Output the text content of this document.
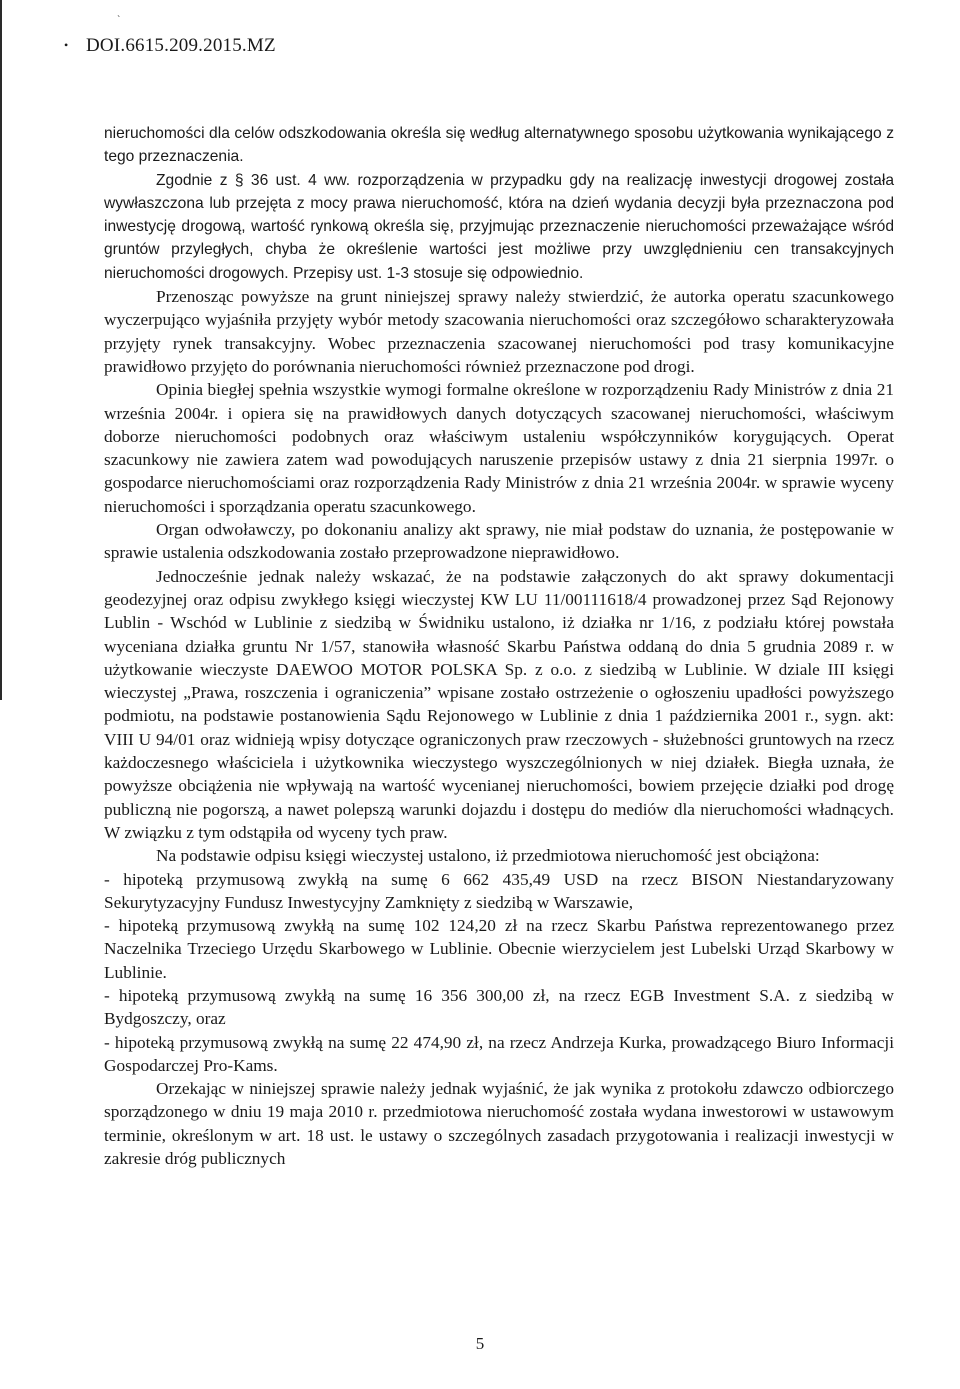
`
• DOI.6615.209.2015.MZ

nieruchomości dla celów odszkodowania określa się według alternatywnego sposobu użytkowania wynikającego z tego przeznaczenia.

Zgodnie z § 36 ust. 4 ww. rozporządzenia w przypadku gdy na realizację inwestycji drogowej została wywłaszczona lub przejęta z mocy prawa nieruchomość, która na dzień wydania decyzji była przeznaczona pod inwestycję drogową, wartość rynkową określa się, przyjmując przeznaczenie nieruchomości przeważające wśród gruntów przyległych, chyba że określenie wartości jest możliwe przy uwzględnieniu cen transakcyjnych nieruchomości drogowych. Przepisy ust. 1-3 stosuje się odpowiednio.

Przenosząc powyższe na grunt niniejszej sprawy należy stwierdzić, że autorka operatu szacunkowego wyczerpująco wyjaśniła przyjęty wybór metody szacowania nieruchomości oraz szczegółowo scharakteryzowała przyjęty rynek transakcyjny. Wobec przeznaczenia szacowanej nieruchomości pod trasy komunikacyjne prawidłowo przyjęto do porównania nieruchomości również przeznaczone pod drogi.

Opinia biegłej spełnia wszystkie wymogi formalne określone w rozporządzeniu Rady Ministrów z dnia 21 września 2004r. i opiera się na prawidłowych danych dotyczących szacowanej nieruchomości, właściwym doborze nieruchomości podobnych oraz właściwym ustaleniu współczynników korygujących. Operat szacunkowy nie zawiera zatem wad powodujących naruszenie przepisów ustawy z dnia 21 sierpnia 1997r. o gospodarce nieruchomościami oraz rozporządzenia Rady Ministrów z dnia 21 września 2004r. w sprawie wyceny nieruchomości i sporządzania operatu szacunkowego.

Organ odwoławczy, po dokonaniu analizy akt sprawy, nie miał podstaw do uznania, że postępowanie w sprawie ustalenia odszkodowania zostało przeprowadzone nieprawidłowo.

Jednocześnie jednak należy wskazać, że na podstawie załączonych do akt sprawy dokumentacji geodezyjnej oraz odpisu zwykłego księgi wieczystej KW LU 11/00111618/4 prowadzonej przez Sąd Rejonowy Lublin - Wschód w Lublinie z siedzibą w Świdniku ustalono, iż działka nr 1/16, z podziału której powstała wyceniana działka gruntu Nr 1/57, stanowiła własność Skarbu Państwa oddaną do dnia 5 grudnia 2089 r. w użytkowanie wieczyste DAEWOO MOTOR POLSKA Sp. z o.o. z siedzibą w Lublinie. W dziale III księgi wieczystej „Prawa, roszczenia i ograniczenia” wpisane zostało ostrzeżenie o ogłoszeniu upadłości powyższego podmiotu, na podstawie postanowienia Sądu Rejonowego w Lublinie z dnia 1 października 2001 r., sygn. akt: VIII U 94/01 oraz widnieją wpisy dotyczące ograniczonych praw rzeczowych - służebności gruntowych na rzecz każdoczesnego właściciela i użytkownika wieczystego wyszczególnionych w niej działek. Biegła uznała, że powyższe obciążenia nie wpływają na wartość wycenianej nieruchomości, bowiem przejęcie działki pod drogę publiczną nie pogorszą, a nawet polepszą warunki dojazdu i dostępu do mediów dla nieruchomości władnących. W związku z tym odstąpiła od wyceny tych praw.

Na podstawie odpisu księgi wieczystej ustalono, iż przedmiotowa nieruchomość jest obciążona:

- hipoteką przymusową zwykłą na sumę 6 662 435,49 USD na rzecz BISON Niestandaryzowany Sekurytyzacyjny Fundusz Inwestycyjny Zamknięty z siedzibą w Warszawie,

- hipoteką przymusową zwykłą na sumę 102 124,20 zł na rzecz Skarbu Państwa reprezentowanego przez Naczelnika Trzeciego Urzędu Skarbowego w Lublinie. Obecnie wierzycielem jest Lubelski Urząd Skarbowy w Lublinie.

- hipoteką przymusową zwykłą na sumę 16 356 300,00 zł, na rzecz EGB Investment S.A. z siedzibą w Bydgoszczy, oraz

- hipoteką przymusową zwykłą na sumę 22 474,90 zł, na rzecz Andrzeja Kurka, prowadzącego Biuro Informacji Gospodarczej Pro-Kams.

Orzekając w niniejszej sprawie należy jednak wyjaśnić, że jak wynika z protokołu zdawczo odbiorczego sporządzonego w dniu 19 maja 2010 r. przedmiotowa nieruchomość została wydana inwestorowi w ustawowym terminie, określonym w art. 18 ust. le ustawy o szczególnych zasadach przygotowania i realizacji inwestycji w zakresie dróg publicznych

5
